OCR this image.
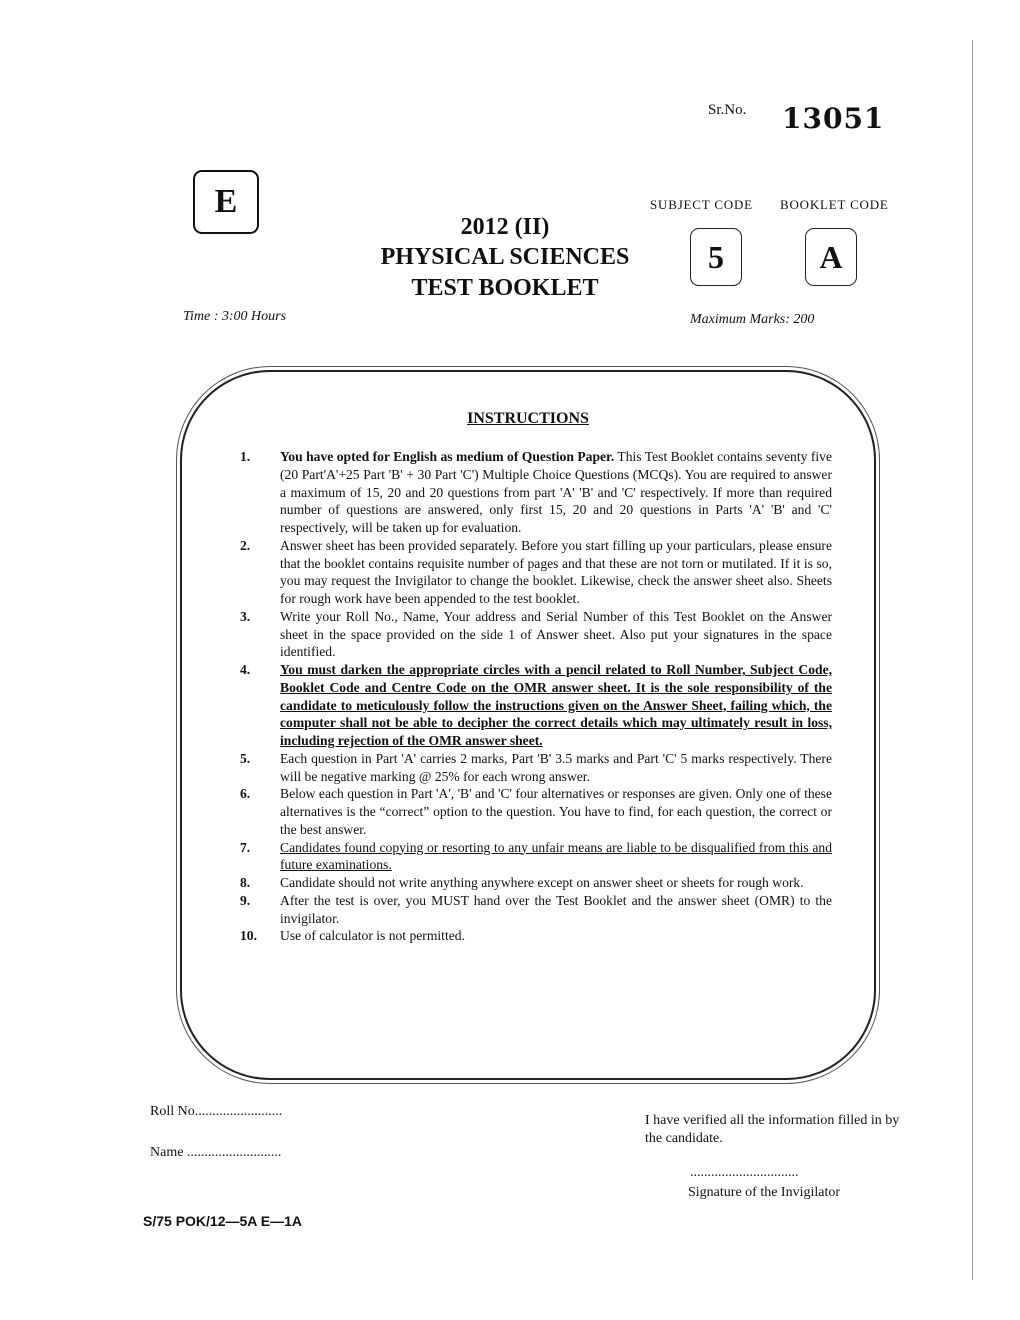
Sr.No. 13051
E
2012 (II)
PHYSICAL SCIENCES
TEST BOOKLET
SUBJECT CODE BOOKLET CODE
5	A
Time : 3:00 Hours	Maximum Marks: 200
INSTRUCTIONS
1.	You have opted for English as medium of Question Paper. This Test Booklet contains seventy five (20 Part'A'+25 Part 'B' + 30 Part 'C') Multiple Choice Questions (MCQs). You are required to answer a maximum of 15, 20 and 20 questions from part 'A' 'B' and 'C' respectively. If more than required number of questions are answered, only first 15, 20 and 20 questions in Parts 'A' 'B' and 'C' respectively, will be taken up for evaluation.
2.	Answer sheet has been provided separately. Before you start filling up your particulars, please ensure that the booklet contains requisite number of pages and that these are not torn or mutilated. If it is so, you may request the Invigilator to change the booklet. Likewise, check the answer sheet also. Sheets for rough work have been appended to the test booklet.
3.	Write your Roll No., Name, Your address and Serial Number of this Test Booklet on the Answer sheet in the space provided on the side 1 of Answer sheet. Also put your signatures in the space identified.
4.	You must darken the appropriate circles with a pencil related to Roll Number, Subject Code, Booklet Code and Centre Code on the OMR answer sheet. It is the sole responsibility of the candidate to meticulously follow the instructions given on the Answer Sheet, failing which, the computer shall not be able to decipher the correct details which may ultimately result in loss, including rejection of the OMR answer sheet.
5.	Each question in Part 'A' carries 2 marks, Part 'B' 3.5 marks and Part 'C' 5 marks respectively. There will be negative marking @ 25% for each wrong answer.
6.	Below each question in Part 'A', 'B' and 'C' four alternatives or responses are given. Only one of these alternatives is the “correct” option to the question. You have to find, for each question, the correct or the best answer.
7.	Candidates found copying or resorting to any unfair means are liable to be disqualified from this and future examinations.
8.	Candidate should not write anything anywhere except on answer sheet or sheets for rough work.
9.	After the test is over, you MUST hand over the Test Booklet and the answer sheet (OMR) to the invigilator.
10.	Use of calculator is not permitted.
Roll No.........................
Name ...........................
I have verified all the information filled in by the candidate.
...............................
Signature of the Invigilator
S/75 POK/12—5A E—1A
